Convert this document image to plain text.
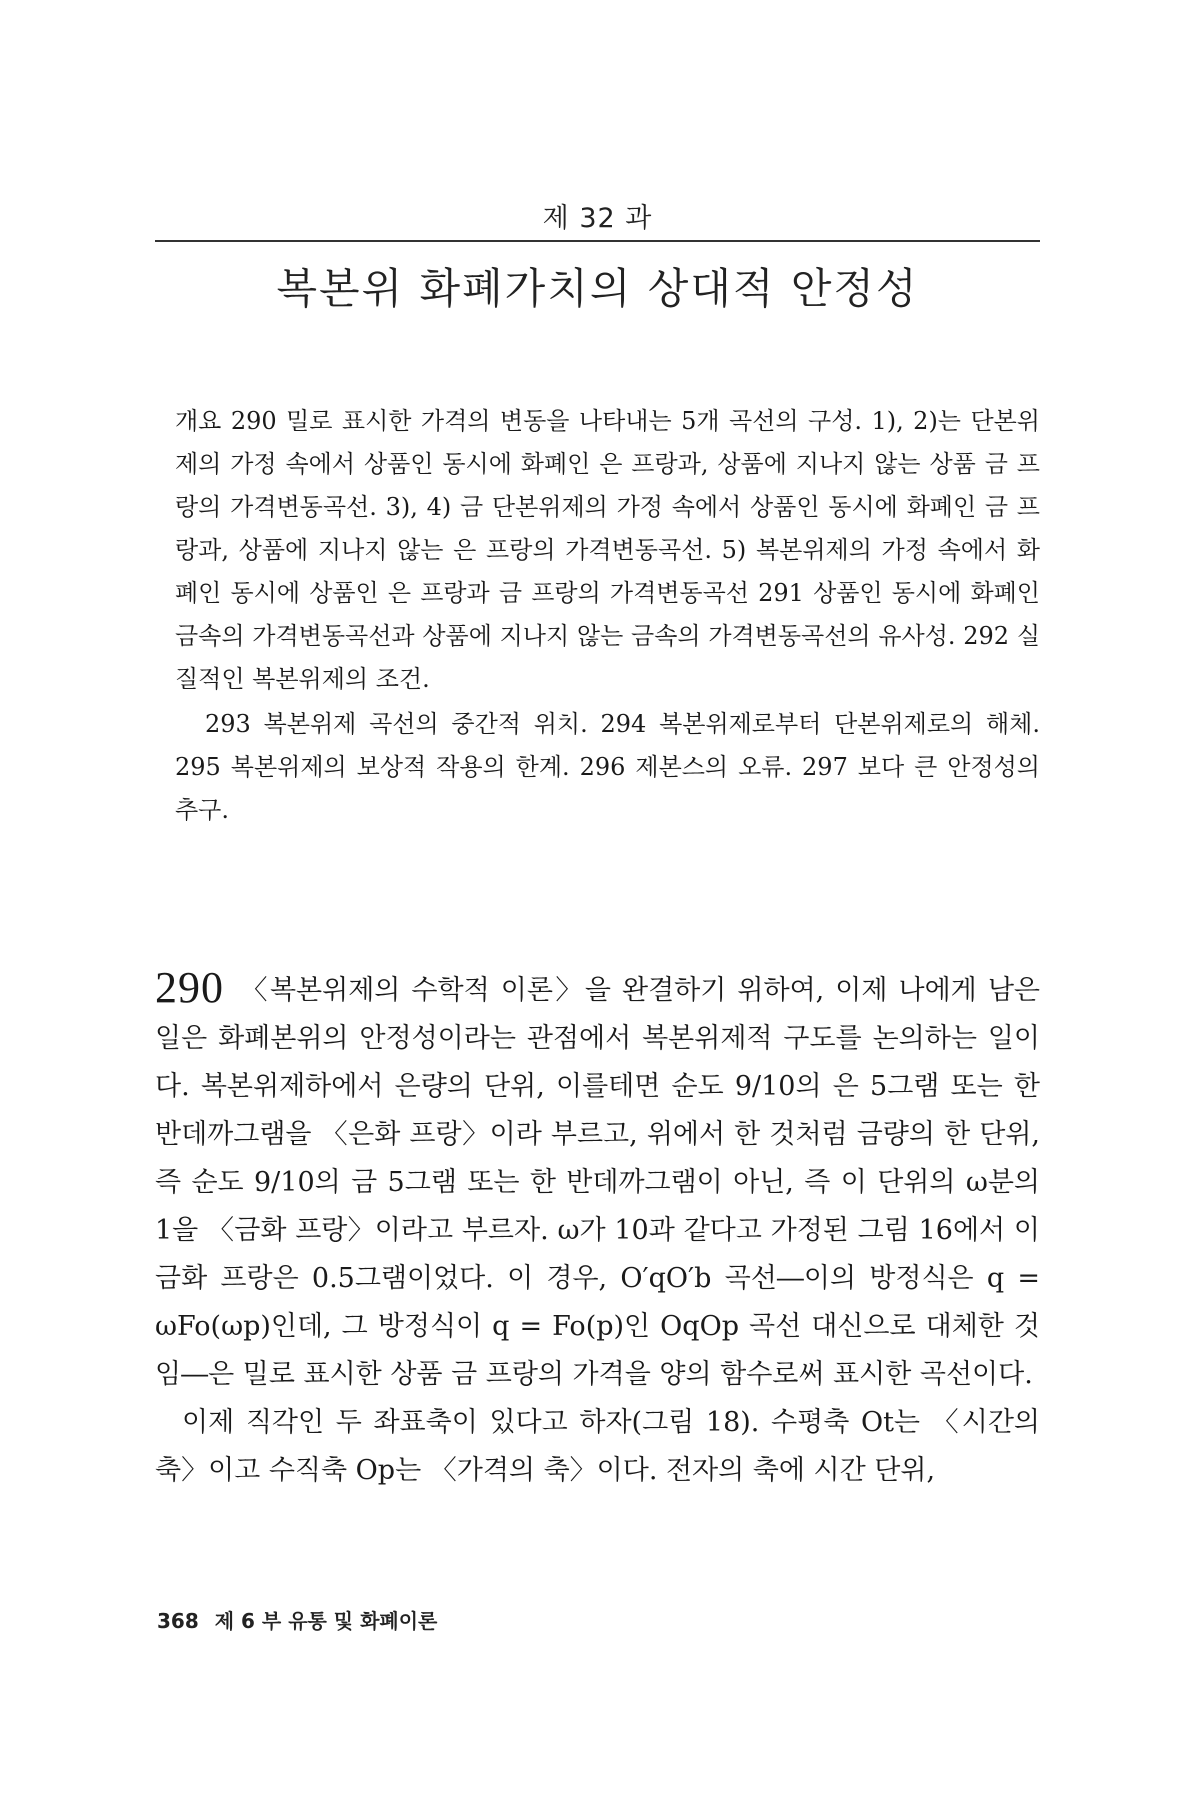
제 32 과
복본위 화폐가치의 상대적 안정성

개요 290 밀로 표시한 가격의 변동을 나타내는 5개 곡선의 구성. 1), 2)는 단본위제의 가정 속에서 상품인 동시에 화폐인 은 프랑과, 상품에 지나지 않는 상품 금 프랑의 가격변동곡선. 3), 4) 금 단본위제의 가정 속에서 상품인 동시에 화폐인 금 프랑과, 상품에 지나지 않는 은 프랑의 가격변동곡선. 5) 복본위제의 가정 속에서 화폐인 동시에 상품인 은 프랑과 금 프랑의 가격변동곡선 291 상품인 동시에 화폐인 금속의 가격변동곡선과 상품에 지나지 않는 금속의 가격변동곡선의 유사성. 292 실질적인 복본위제의 조건.

293 복본위제 곡선의 중간적 위치. 294 복본위제로부터 단본위제로의 해체. 295 복본위제의 보상적 작용의 한계. 296 제본스의 오류. 297 보다 큰 안정성의 추구.

290 〈복본위제의 수학적 이론〉을 완결하기 위하여, 이제 나에게 남은 일은 화폐본위의 안정성이라는 관점에서 복본위제적 구도를 논의하는 일이다. 복본위제하에서 은량의 단위, 이를테면 순도 9/10의 은 5그램 또는 한 반데까그램을 〈은화 프랑〉이라 부르고, 위에서 한 것처럼 금량의 한 단위, 즉 순도 9/10의 금 5그램 또는 한 반데까그램이 아닌, 즉 이 단위의 ω분의 1을 〈금화 프랑〉이라고 부르자. ω가 10과 같다고 가정된 그림 16에서 이 금화 프랑은 0.5그램이었다. 이 경우, O′qO′b 곡선―이의 방정식은 q = ωFo(ωp)인데, 그 방정식이 q = Fo(p)인 OqOp 곡선 대신으로 대체한 것임―은 밀로 표시한 상품 금 프랑의 가격을 양의 함수로써 표시한 곡선이다.

이제 직각인 두 좌표축이 있다고 하자(그림 18). 수평축 Ot는 〈시간의 축〉이고 수직축 Op는 〈가격의 축〉이다. 전자의 축에 시간 단위,

368 제 6 부 유통 및 화폐이론
